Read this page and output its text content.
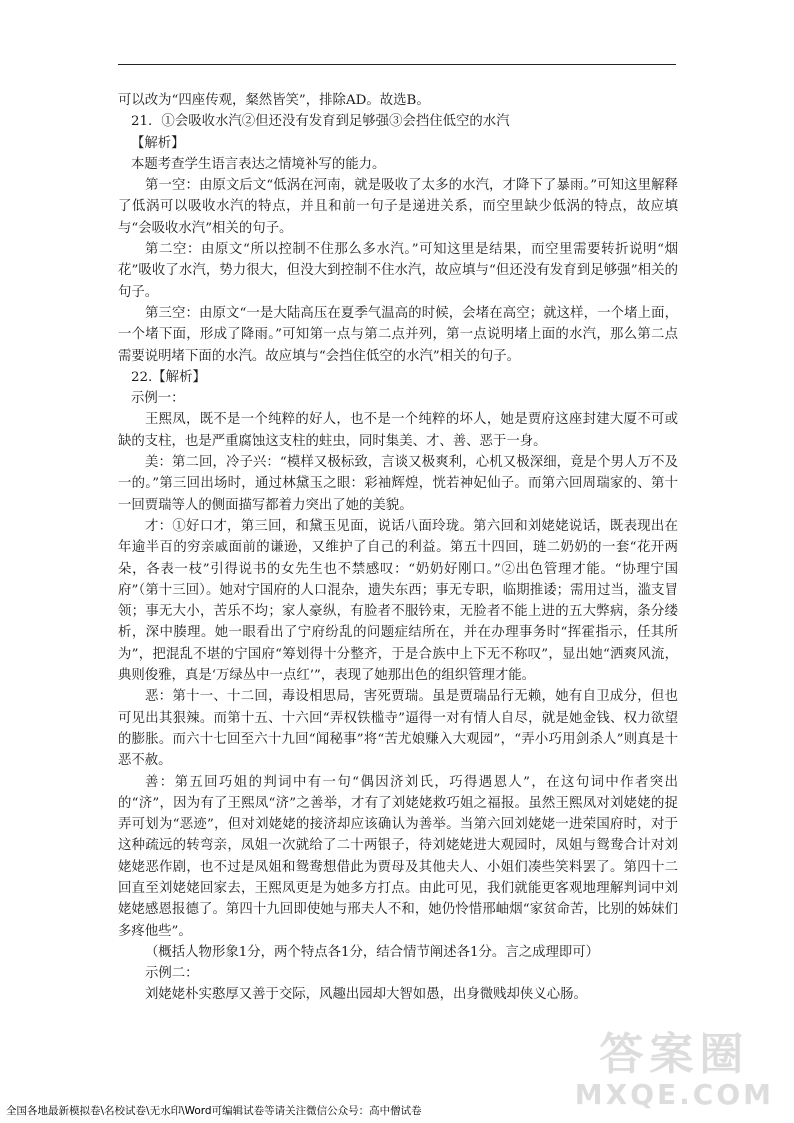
可以改为“四座传观，粲然皆笑”，排除AD。故选B。

21．①会吸收水汽②但还没有发育到足够强③会挡住低空的水汽

【解析】

本题考查学生语言表达之情境补写的能力。

第一空：由原文后文“低涡在河南，就是吸收了太多的水汽，才降下了暴雨。”可知这里解释了低涡可以吸收水汽的特点，并且和前一句子是递进关系，而空里缺少低涡的特点，故应填与“会吸收水汽”相关的句子。

第二空：由原文“所以控制不住那么多水汽。”可知这里是结果，而空里需要转折说明“烟花”吸收了水汽，势力很大，但没大到控制不住水汽，故应填与“但还没有发育到足够强”相关的句子。

第三空：由原文“一是大陆高压在夏季气温高的时候，会堵在高空；就这样，一个堵上面，一个堵下面，形成了降雨。”可知第一点与第二点并列，第一点说明堵上面的水汽，那么第二点需要说明堵下面的水汽。故应填与“会挡住低空的水汽”相关的句子。

22.【解析】

示例一：

王熙凤，既不是一个纯粹的好人，也不是一个纯粹的坏人，她是贾府这座封建大厦不可或缺的支柱，也是严重腐蚀这支柱的蛀虫，同时集美、才、善、恶于一身。

美：第二回，冷子兴：“模样又极标致，言谈又极爽利，心机又极深细，竟是个男人万不及一的。”第三回出场时，通过林黛玉之眼：彩袖辉煌，恍若神妃仙子。而第六回周瑞家的、第十一回贾瑞等人的侧面描写都着力突出了她的美貌。

才：①好口才，第三回，和黛玉见面，说话八面玲珑。第六回和刘姥姥说话，既表现出在年逾半百的穷亲戚面前的谦逊，又维护了自己的利益。第五十四回，琏二奶奶的一套“花开两朵，各表一枝”引得说书的女先生也不禁感叹：“奶奶好刚口。”②出色管理才能。“协理宁国府”（第十三回）。她对宁国府的人口混杂，遗失东西；事无专职，临期推诿；需用过当，滥支冒领；事无大小，苦乐不均；家人豪纵，有脸者不服钤束，无脸者不能上进的五大弊病，条分缕析，深中腠理。她一眼看出了宁府纷乱的问题症结所在，并在办理事务时“挥霍指示，任其所为”，把混乱不堪的宁国府“筹划得十分整齐，于是合族中上下无不称叹”，显出她“洒爽风流，典则俊雅，真是‘万绿丛中一点红’”，表现了她那出色的组织管理才能。

恶：第十一、十二回，毒设相思局，害死贾瑞。虽是贾瑞品行无赖，她有自卫成分，但也可见出其狠辣。而第十五、十六回“弄权铁槛寺”逼得一对有情人自尽，就是她金钱、权力欲望的膨胀。而六十七回至六十九回“闻秘事”将“苦尤娘赚入大观园”，“弄小巧用剑杀人”则真是十恶不赦。

善：第五回巧姐的判词中有一句“偶因济刘氏，巧得遇恩人”，在这句词中作者突出的“济”，因为有了王熙凤“济”之善举，才有了刘姥姥救巧姐之福报。虽然王熙凤对刘姥姥的捉弄可划为“恶迹”，但对刘姥姥的接济却应该确认为善举。当第六回刘姥姥一进荣国府时，对于这种疏远的转弯亲，凤姐一次就给了二十两银子，待刘姥姥进大观园时，凤姐与鸳鸯合计对刘姥姥恶作剧，也不过是凤姐和鸳鸯想借此为贾母及其他夫人、小姐们凑些笑料罢了。第四十二回直至刘姥姥回家去，王熙凤更是为她多方打点。由此可见，我们就能更客观地理解判词中刘姥姥感恩报德了。第四十九回即使她与邢夫人不和，她仍怜惜邢岫烟“家贫命苦，比别的姊妹们多疼他些”。

（概括人物形象1分，两个特点各1分，结合情节阐述各1分。言之成理即可）

示例二：

刘姥姥朴实憨厚又善于交际，风趣出园却大智如愚，出身微贱却侠义心肠。

答案圈
MXQE.COM
全国各地最新模拟卷\名校试卷\无水印\Word可编辑试卷等请关注微信公众号：高中僧试卷
